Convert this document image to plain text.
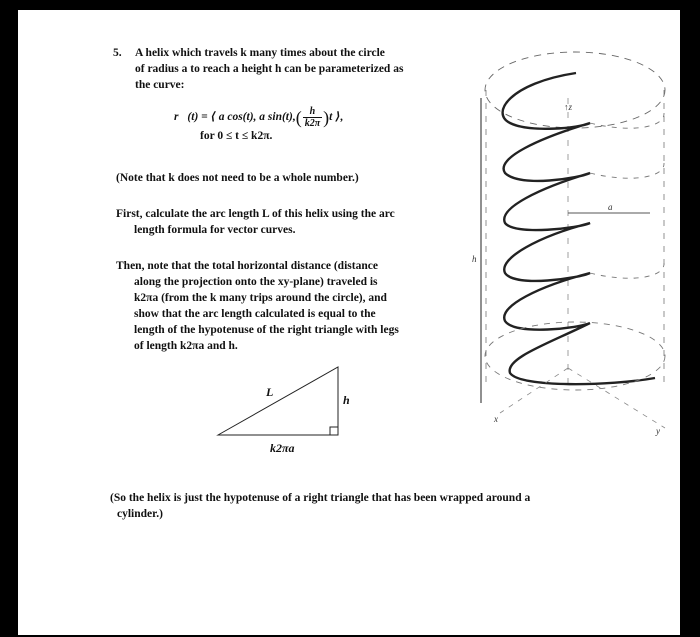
5. A helix which travels k many times about the circle
of radius a to reach a height h can be parameterized as
the curve:
r⃗(t) = ⟨ a cos(t), a $\sin(t),( \frac{h}{k2\pi} )t$ ⟩,

for 0 ≤ t ≤ k2π.

(Note that k does not need to be a whole number.)

First, calculate the arc length L of this helix using the arc
length formula for vector curves.
Then, note that the total horizontal distance (distance
along the projection onto the xy-plane) traveled is
k2πa (from the k many trips around the circle), and
show that the arc length calculated is equal to the
length of the hypotenuse of the right triangle with legs
of length k2πa and h.
L
h
k2πa
↑z
a
h
x
y
(So the helix is just the hypotenuse of a right triangle that has been wrapped around a
cylinder.)
